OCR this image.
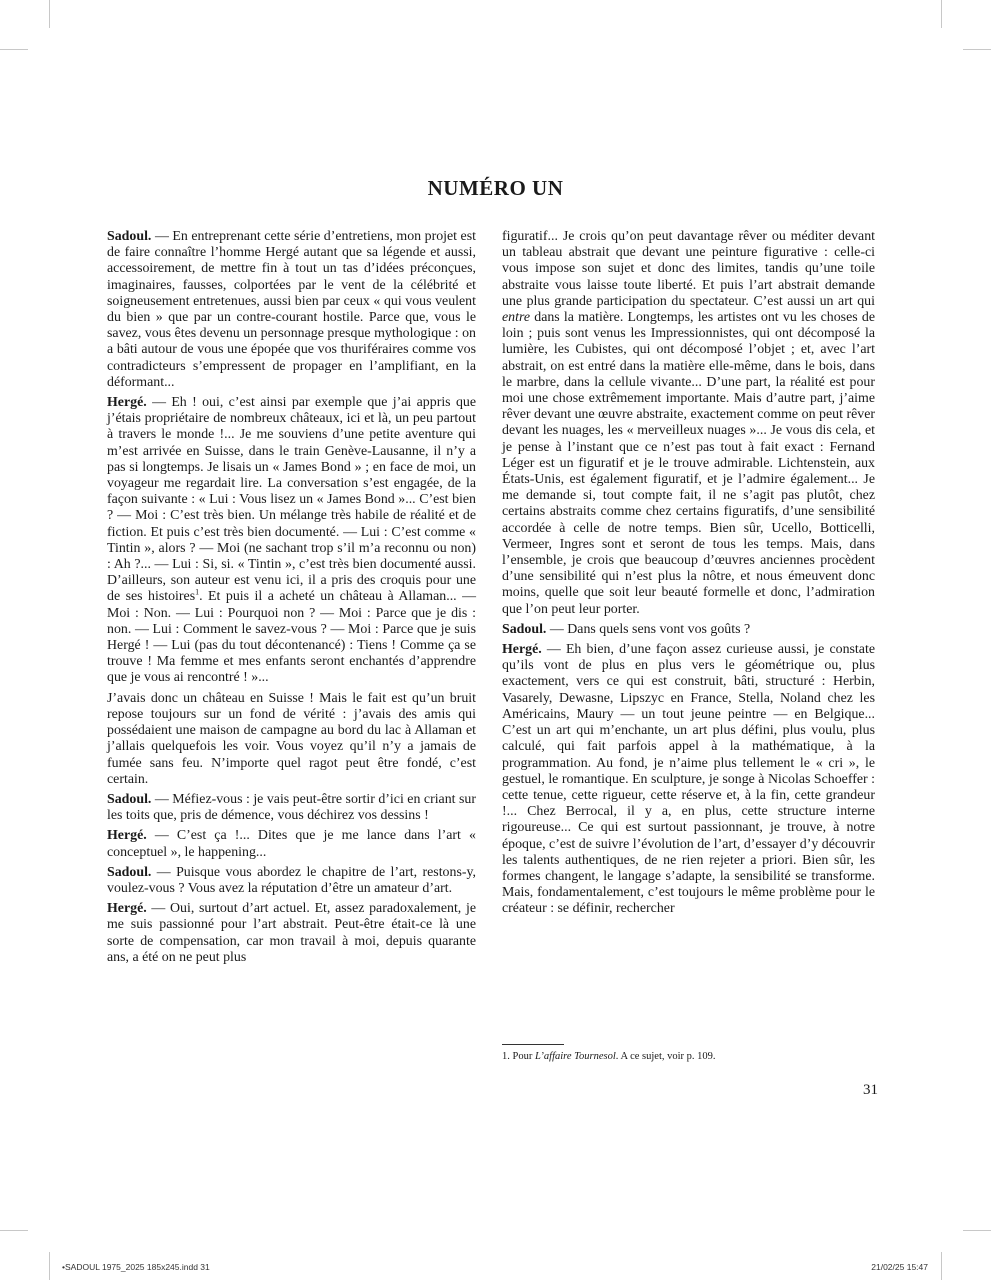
NUMÉRO UN

Sadoul. — En entreprenant cette série d’entretiens, mon projet est de faire connaître l’homme Hergé autant que sa légende et aussi, accessoirement, de mettre fin à tout un tas d’idées préconçues, imaginaires, fausses, colportées par le vent de la célébrité et soigneusement entretenues, aussi bien par ceux « qui vous veulent du bien » que par un contre-courant hostile. Parce que, vous le savez, vous êtes devenu un personnage presque mythologique : on a bâti autour de vous une épopée que vos thuriféraires comme vos contradicteurs s’empressent de propager en l’amplifiant, en la déformant...

Hergé. — Eh ! oui, c’est ainsi par exemple que j’ai appris que j’étais propriétaire de nombreux châteaux, ici et là, un peu partout à travers le monde !... Je me souviens d’une petite aventure qui m’est arrivée en Suisse, dans le train Genève-Lausanne, il n’y a pas si longtemps. Je lisais un « James Bond » ; en face de moi, un voyageur me regardait lire. La conversation s’est engagée, de la façon suivante : « Lui : Vous lisez un « James Bond »... C’est bien ? — Moi : C’est très bien. Un mélange très habile de réalité et de fiction. Et puis c’est très bien documenté. — Lui : C’est comme « Tintin », alors ? — Moi (ne sachant trop s’il m’a reconnu ou non) : Ah ?... — Lui : Si, si. « Tintin », c’est très bien documenté aussi. D’ailleurs, son auteur est venu ici, il a pris des croquis pour une de ses histoires$^1$. Et puis il a acheté un château à Allaman... — Moi : Non. — Lui : Pourquoi non ? — Moi : Parce que je dis : non. — Lui : Comment le savez-vous ? — Moi : Parce que je suis Hergé ! — Lui (pas du tout décontenancé) : Tiens ! Comme ça se trouve ! Ma femme et mes enfants seront enchantés d’apprendre que je vous ai rencontré ! »...

J’avais donc un château en Suisse ! Mais le fait est qu’un bruit repose toujours sur un fond de vérité : j’avais des amis qui possédaient une maison de campagne au bord du lac à Allaman et j’allais quelquefois les voir. Vous voyez qu’il n’y a jamais de fumée sans feu. N’importe quel ragot peut être fondé, c’est certain.

Sadoul. — Méfiez-vous : je vais peut-être sortir d’ici en criant sur les toits que, pris de démence, vous déchirez vos dessins !

Hergé. — C’est ça !... Dites que je me lance dans l’art « conceptuel », le happening...

Sadoul. — Puisque vous abordez le chapitre de l’art, restons-y, voulez-vous ? Vous avez la réputation d’être un amateur d’art.

Hergé. — Oui, surtout d’art actuel. Et, assez paradoxalement, je me suis passionné pour l’art abstrait. Peut-être était-ce là une sorte de compensation, car mon travail à moi, depuis quarante ans, a été on ne peut plus

figuratif... Je crois qu’on peut davantage rêver ou méditer devant un tableau abstrait que devant une peinture figurative : celle-ci vous impose son sujet et donc des limites, tandis qu’une toile abstraite vous laisse toute liberté. Et puis l’art abstrait demande une plus grande participation du spectateur. C’est aussi un art qui entre dans la matière. Longtemps, les artistes ont vu les choses de loin ; puis sont venus les Impressionnistes, qui ont décomposé la lumière, les Cubistes, qui ont décomposé l’objet ; et, avec l’art abstrait, on est entré dans la matière elle-même, dans le bois, dans le marbre, dans la cellule vivante... D’une part, la réalité est pour moi une chose extrêmement importante. Mais d’autre part, j’aime rêver devant une œuvre abstraite, exactement comme on peut rêver devant les nuages, les « merveilleux nuages »... Je vous dis cela, et je pense à l’instant que ce n’est pas tout à fait exact : Fernand Léger est un figuratif et je le trouve admirable. Lichtenstein, aux États-Unis, est également figuratif, et je l’admire également... Je me demande si, tout compte fait, il ne s’agit pas plutôt, chez certains abstraits comme chez certains figuratifs, d’une sensibilité accordée à celle de notre temps. Bien sûr, Ucello, Botticelli, Vermeer, Ingres sont et seront de tous les temps. Mais, dans l’ensemble, je crois que beaucoup d’œuvres anciennes procèdent d’une sensibilité qui n’est plus la nôtre, et nous émeuvent donc moins, quelle que soit leur beauté formelle et donc, l’admiration que l’on peut leur porter.

Sadoul. — Dans quels sens vont vos goûts ?

Hergé. — Eh bien, d’une façon assez curieuse aussi, je constate qu’ils vont de plus en plus vers le géométrique ou, plus exactement, vers ce qui est construit, bâti, structuré : Herbin, Vasarely, Dewasne, Lipszyc en France, Stella, Noland chez les Américains, Maury — un tout jeune peintre — en Belgique... C’est un art qui m’enchante, un art plus défini, plus voulu, plus calculé, qui fait parfois appel à la mathématique, à la programmation. Au fond, je n’aime plus tellement le « cri », le gestuel, le romantique. En sculpture, je songe à Nicolas Schoeffer : cette tenue, cette rigueur, cette réserve et, à la fin, cette grandeur !... Chez Berrocal, il y a, en plus, cette structure interne rigoureuse... Ce qui est surtout passionnant, je trouve, à notre époque, c’est de suivre l’évolution de l’art, d’essayer d’y découvrir les talents authentiques, de ne rien rejeter a priori. Bien sûr, les formes changent, le langage s’adapte, la sensibilité se transforme. Mais, fondamentalement, c’est toujours le même problème pour le créateur : se définir, rechercher

1. Pour L’affaire Tournesol. A ce sujet, voir p. 109.
31
•SADOUL 1975_2025 185x245.indd 31	21/02/25 15:47
